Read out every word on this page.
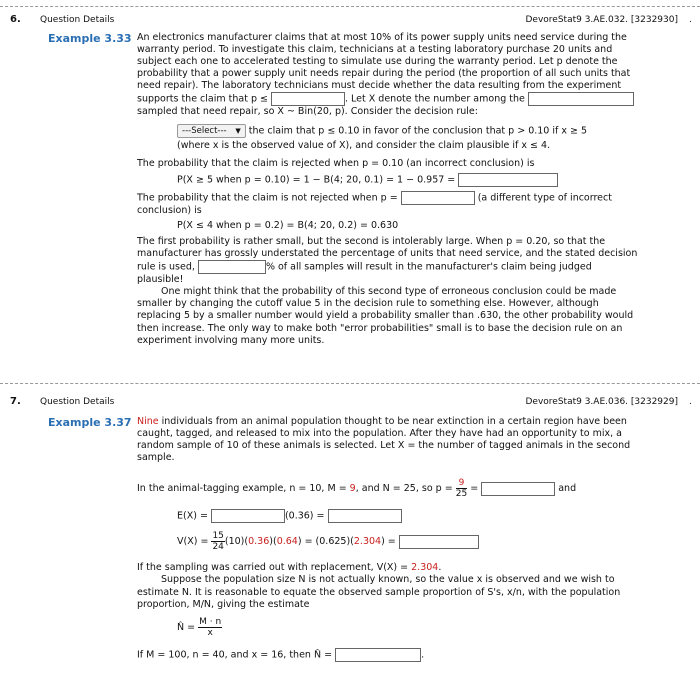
6. Question Details	DevoreStat9 3.AE.032. [3232930] .
Example 3.33 An electronics manufacturer claims that at most 10% of its power supply units need service during the warranty period. To investigate this claim, technicians at a testing laboratory purchase 20 units and subject each one to accelerated testing to simulate use during the warranty period. Let p denote the probability that a power supply unit needs repair during the period (the proportion of all such units that need repair). The laboratory technicians must decide whether the data resulting from the experiment

supports the claim that p ≤	. Let X denote the number among the

sampled that need repair, so X ~ Bin(20, p). Consider the decision rule:

---Select--- ▼ the claim that p ≤ 0.10 in favor of the conclusion that p > 0.10 if x ≥ 5

(where x is the observed value of X), and consider the claim plausible if x ≤ 4.

The probability that the claim is rejected when p = 0.10 (an incorrect conclusion) is

P(X ≥ 5 when p = 0.10) = 1 − B(4; 20, 0.1) = 1 − 0.957 =

The probability that the claim is not rejected when p =	(a different type of incorrect

conclusion) is

P(X ≤ 4 when p = 0.2) = B(4; 20, 0.2) = 0.630

The first probability is rather small, but the second is intolerably large. When p = 0.20, so that the manufacturer has grossly understated the percentage of units that need service, and the stated decision

rule is used,	% of all samples will result in the manufacturer's claim being judged

plausible!

One might think that the probability of this second type of erroneous conclusion could be made smaller by changing the cutoff value 5 in the decision rule to something else. However, although replacing 5 by a smaller number would yield a probability smaller than .630, the other probability would then increase. The only way to make both "error probabilities" small is to base the decision rule on an experiment involving many more units.

7. Question Details	DevoreStat9 3.AE.036. [3232929] .
Example 3.37 Nine individuals from an animal population thought to be near extinction in a certain region have been caught, tagged, and released to mix into the population. After they have had an opportunity to mix, a random sample of 10 of these animals is selected. Let X = the number of tagged animals in the second sample.

In the animal-tagging example, n = 10, M = 9, and N = 25, so $p = \frac{9}{25}$ =	and

E(X) =	(0.36) =

$V(X) = \frac{15}{24} (10)(0.36)(0.64) = (0.625)(2.304)$ =

If the sampling was carried out with replacement, V(X) = 2.304.

Suppose the population size N is not actually known, so the value x is observed and we wish to estimate N. It is reasonable to equate the observed sample proportion of S's, x/n, with the population proportion, M/N, giving the estimate

N̂ = $\frac{M \cdot n}{x}$

If M = 100, n = 40, and x = 16, then N̂ =	.
